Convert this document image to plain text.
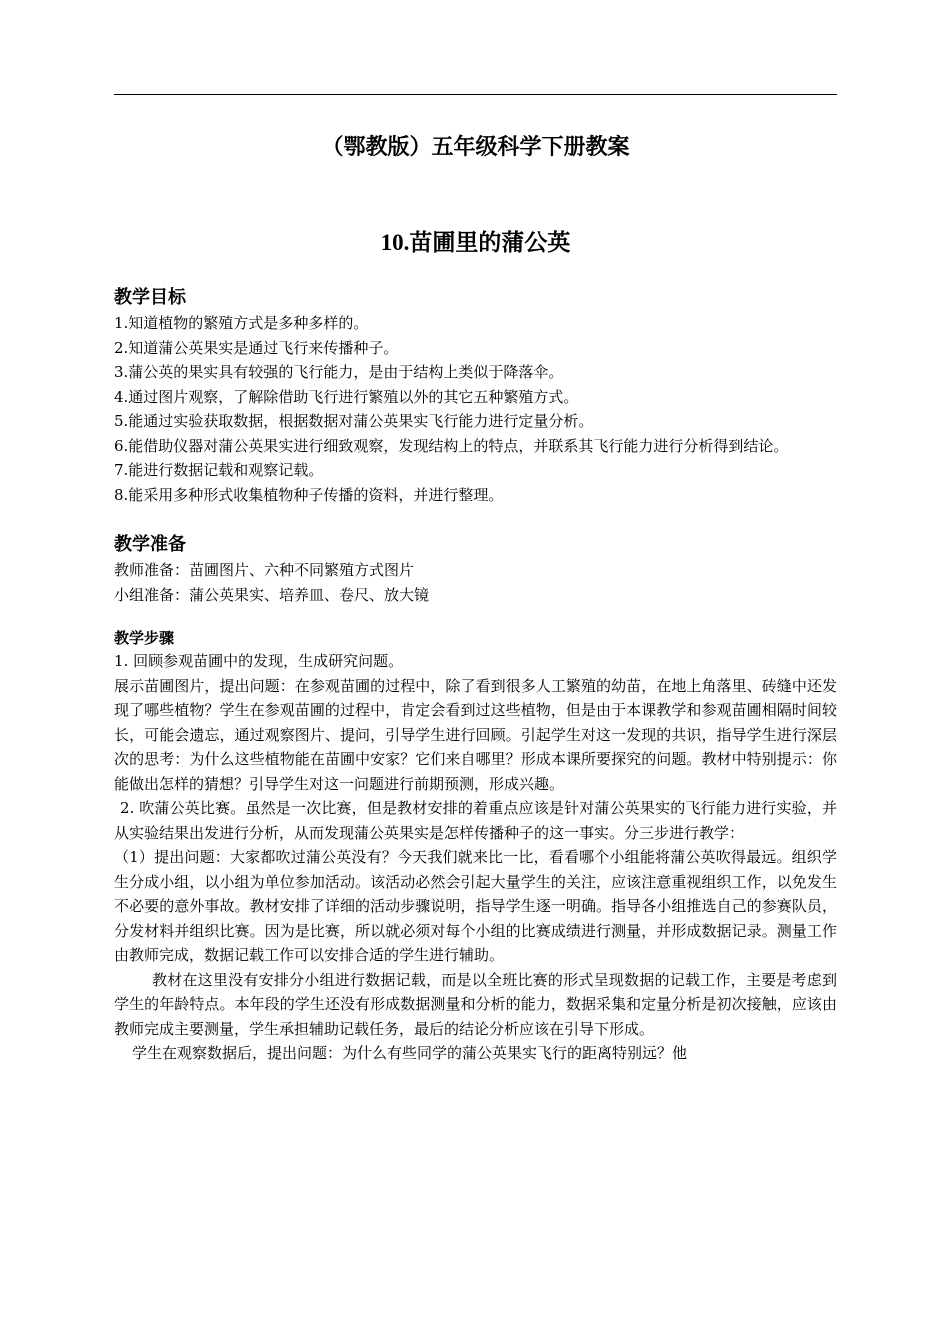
（鄂教版）五年级科学下册教案
10.苗圃里的蒲公英
教学目标

1.知道植物的繁殖方式是多种多样的。

2.知道蒲公英果实是通过飞行来传播种子。

3.蒲公英的果实具有较强的飞行能力，是由于结构上类似于降落伞。

4.通过图片观察，了解除借助飞行进行繁殖以外的其它五种繁殖方式。

5.能通过实验获取数据，根据数据对蒲公英果实飞行能力进行定量分析。

6.能借助仪器对蒲公英果实进行细致观察，发现结构上的特点，并联系其飞行能力进行分析得到结论。

7.能进行数据记载和观察记载。

8.能采用多种形式收集植物种子传播的资料，并进行整理。

教学准备

教师准备：苗圃图片、六种不同繁殖方式图片

小组准备：蒲公英果实、培养皿、卷尺、放大镜

教学步骤

1. 回顾参观苗圃中的发现，生成研究问题。

展示苗圃图片，提出问题：在参观苗圃的过程中，除了看到很多人工繁殖的幼苗，在地上角落里、砖缝中还发现了哪些植物？学生在参观苗圃的过程中，肯定会看到过这些植物，但是由于本课教学和参观苗圃相隔时间较长，可能会遗忘，通过观察图片、提问，引导学生进行回顾。引起学生对这一发现的共识，指导学生进行深层次的思考：为什么这些植物能在苗圃中安家？它们来自哪里？形成本课所要探究的问题。教材中特别提示：你能做出怎样的猜想？引导学生对这一问题进行前期预测，形成兴趣。

2. 吹蒲公英比赛。虽然是一次比赛，但是教材安排的着重点应该是针对蒲公英果实的飞行能力进行实验，并从实验结果出发进行分析，从而发现蒲公英果实是怎样传播种子的这一事实。分三步进行教学：

（1）提出问题：大家都吹过蒲公英没有？今天我们就来比一比，看看哪个小组能将蒲公英吹得最远。组织学生分成小组，以小组为单位参加活动。该活动必然会引起大量学生的关注，应该注意重视组织工作，以免发生不必要的意外事故。教材安排了详细的活动步骤说明，指导学生逐一明确。指导各小组推选自己的参赛队员，分发材料并组织比赛。因为是比赛，所以就必须对每个小组的比赛成绩进行测量，并形成数据记录。测量工作由教师完成，数据记载工作可以安排合适的学生进行辅助。

教材在这里没有安排分小组进行数据记载，而是以全班比赛的形式呈现数据的记载工作，主要是考虑到学生的年龄特点。本年段的学生还没有形成数据测量和分析的能力，数据采集和定量分析是初次接触，应该由教师完成主要测量，学生承担辅助记载任务，最后的结论分析应该在引导下形成。

学生在观察数据后，提出问题：为什么有些同学的蒲公英果实飞行的距离特别远？他
